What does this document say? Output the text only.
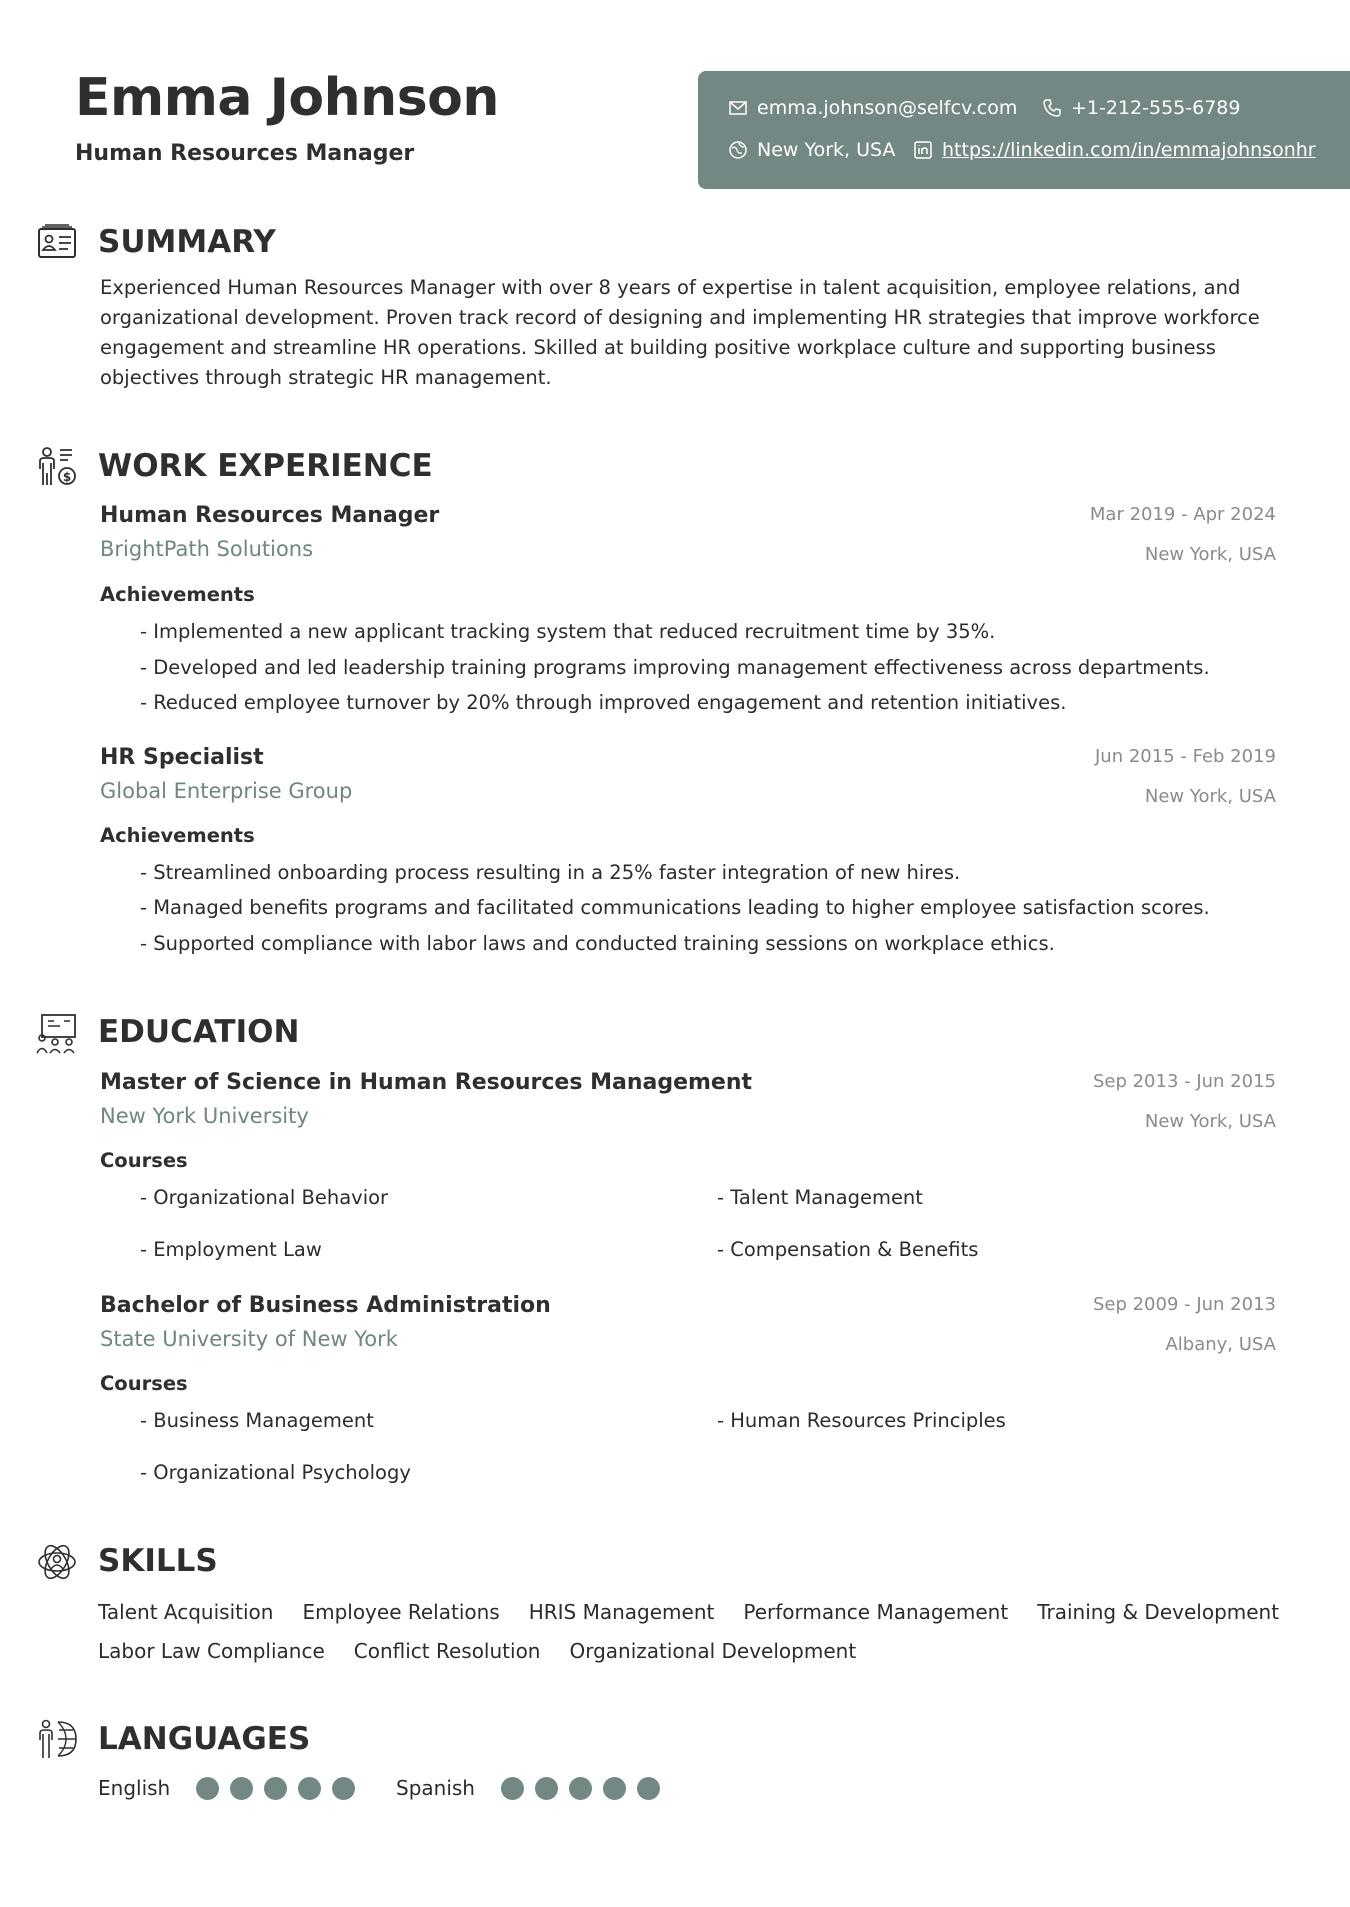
Emma Johnson
Human Resources Manager
emma.johnson@selfcv.com	+1-212-555-6789
New York, USA https://linkedin.com/in/emmajohnsonhr
SUMMARY

Experienced Human Resources Manager with over 8 years of expertise in talent acquisition, employee relations, and organizational development. Proven track record of designing and implementing HR strategies that improve workforce engagement and streamline HR operations. Skilled at building positive workplace culture and supporting business objectives through strategic HR management.

$ WORK EXPERIENCE
Human Resources Manager
BrightPath Solutions
Mar 2019 - Apr 2024
New York, USA
Achievements
- Implemented a new applicant tracking system that reduced recruitment time by 35%.
- Developed and led leadership training programs improving management effectiveness across departments.
- Reduced employee turnover by 20% through improved engagement and retention initiatives.
HR Specialist
Global Enterprise Group
Jun 2015 - Feb 2019
New York, USA
Achievements
- Streamlined onboarding process resulting in a 25% faster integration of new hires.
- Managed benefits programs and facilitated communications leading to higher employee satisfaction scores.
- Supported compliance with labor laws and conducted training sessions on workplace ethics.
EDUCATION
Master of Science in Human Resources Management
New York University
Sep 2013 - Jun 2015
New York, USA
Courses
- Organizational Behavior	- Talent Management
- Employment Law	- Compensation & Benefits
Bachelor of Business Administration
State University of New York
Sep 2009 - Jun 2013
Albany, USA
Courses
- Business Management	- Human Resources Principles
- Organizational Psychology
SKILLS
Talent Acquisition Employee Relations HRIS Management Performance Management Training & Development
Labor Law Compliance Conflict Resolution Organizational Development
LANGUAGES
English	Spanish
